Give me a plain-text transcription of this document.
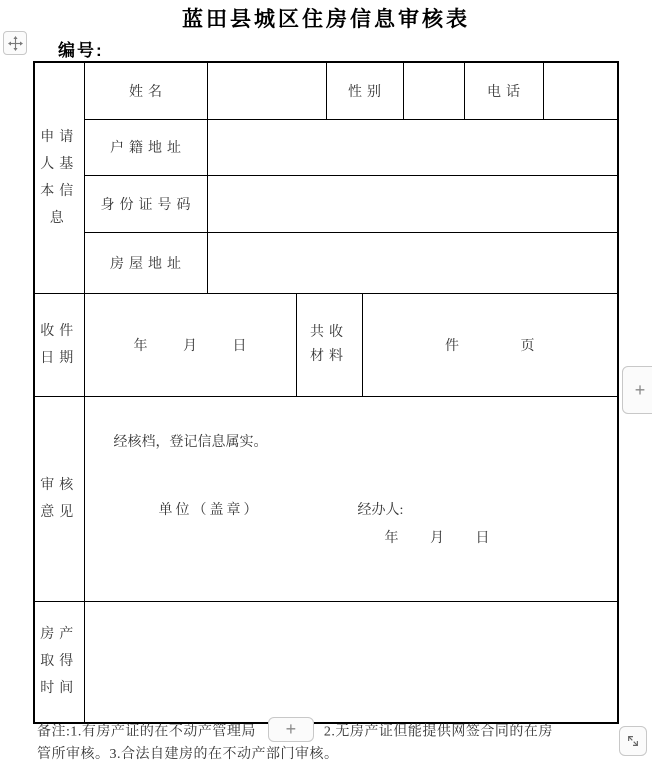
蓝田县城区住房信息审核表
编号:
申请人基本信息	姓名			性别			电话	
	户籍地址							
	身份证号码							
	房屋地址							

收件日期	年 月 日		共收材料		件 页			

审核意见	经核档，登记信息属实。
单位（盖章） 经办人:
年 月 日							

房产取得时间								

备注:1.有房产证的在不动产管理局 + 2.无房产证但能提供网签合同的在房
管所审核。3.合法自建房的在不动产部门审核。
+
